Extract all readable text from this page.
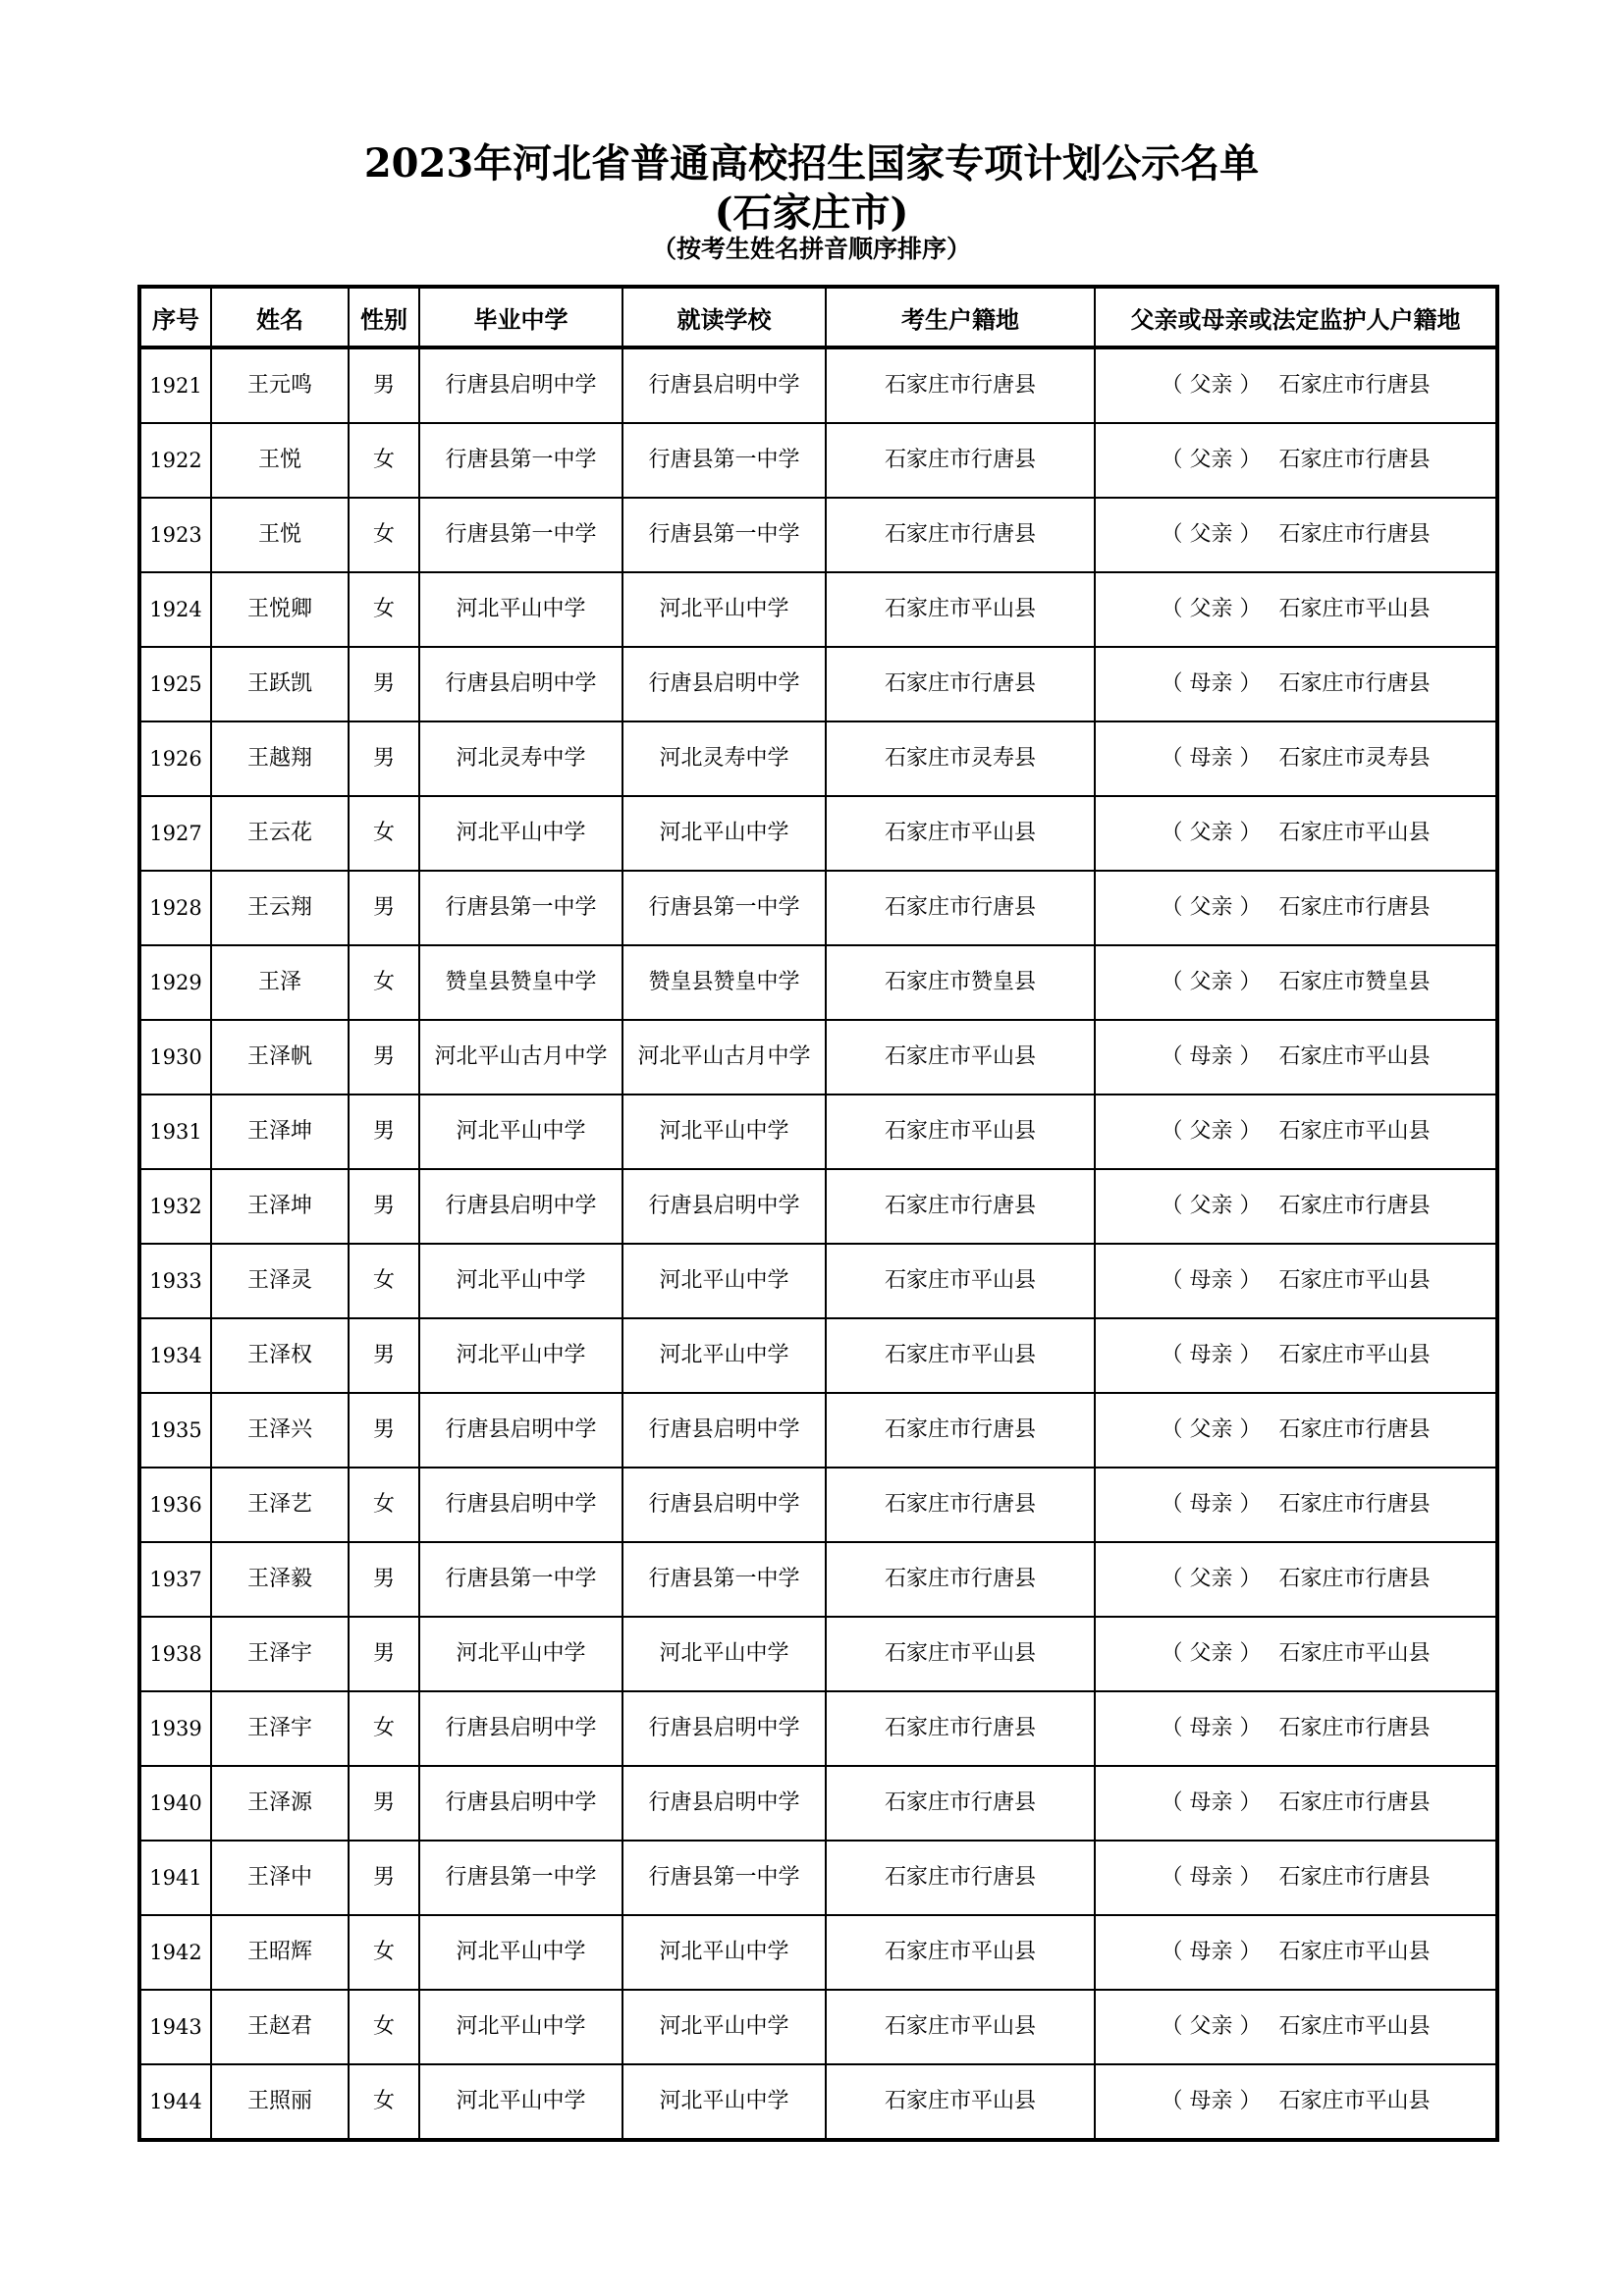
2023年河北省普通高校招生国家专项计划公示名单
(石家庄市)
（按考生姓名拼音顺序排序）
序号	姓名	性别	毕业中学	就读学校	考生户籍地	父亲或母亲或法定监护人户籍地
1921	王元鸣	男	行唐县启明中学	行唐县启明中学	石家庄市行唐县	（ 父亲 ） 石家庄市行唐县
1922	王悦	女	行唐县第一中学	行唐县第一中学	石家庄市行唐县	（ 父亲 ） 石家庄市行唐县
1923	王悦	女	行唐县第一中学	行唐县第一中学	石家庄市行唐县	（ 父亲 ） 石家庄市行唐县
1924	王悦卿	女	河北平山中学	河北平山中学	石家庄市平山县	（ 父亲 ） 石家庄市平山县
1925	王跃凯	男	行唐县启明中学	行唐县启明中学	石家庄市行唐县	（ 母亲 ） 石家庄市行唐县
1926	王越翔	男	河北灵寿中学	河北灵寿中学	石家庄市灵寿县	（ 母亲 ） 石家庄市灵寿县
1927	王云花	女	河北平山中学	河北平山中学	石家庄市平山县	（ 父亲 ） 石家庄市平山县
1928	王云翔	男	行唐县第一中学	行唐县第一中学	石家庄市行唐县	（ 父亲 ） 石家庄市行唐县
1929	王泽	女	赞皇县赞皇中学	赞皇县赞皇中学	石家庄市赞皇县	（ 父亲 ） 石家庄市赞皇县
1930	王泽帆	男	河北平山古月中学	河北平山古月中学	石家庄市平山县	（ 母亲 ） 石家庄市平山县
1931	王泽坤	男	河北平山中学	河北平山中学	石家庄市平山县	（ 父亲 ） 石家庄市平山县
1932	王泽坤	男	行唐县启明中学	行唐县启明中学	石家庄市行唐县	（ 父亲 ） 石家庄市行唐县
1933	王泽灵	女	河北平山中学	河北平山中学	石家庄市平山县	（ 母亲 ） 石家庄市平山县
1934	王泽权	男	河北平山中学	河北平山中学	石家庄市平山县	（ 母亲 ） 石家庄市平山县
1935	王泽兴	男	行唐县启明中学	行唐县启明中学	石家庄市行唐县	（ 父亲 ） 石家庄市行唐县
1936	王泽艺	女	行唐县启明中学	行唐县启明中学	石家庄市行唐县	（ 母亲 ） 石家庄市行唐县
1937	王泽毅	男	行唐县第一中学	行唐县第一中学	石家庄市行唐县	（ 父亲 ） 石家庄市行唐县
1938	王泽宇	男	河北平山中学	河北平山中学	石家庄市平山县	（ 父亲 ） 石家庄市平山县
1939	王泽宇	女	行唐县启明中学	行唐县启明中学	石家庄市行唐县	（ 母亲 ） 石家庄市行唐县
1940	王泽源	男	行唐县启明中学	行唐县启明中学	石家庄市行唐县	（ 母亲 ） 石家庄市行唐县
1941	王泽中	男	行唐县第一中学	行唐县第一中学	石家庄市行唐县	（ 母亲 ） 石家庄市行唐县
1942	王昭辉	女	河北平山中学	河北平山中学	石家庄市平山县	（ 母亲 ） 石家庄市平山县
1943	王赵君	女	河北平山中学	河北平山中学	石家庄市平山县	（ 父亲 ） 石家庄市平山县
1944	王照丽	女	河北平山中学	河北平山中学	石家庄市平山县	（ 母亲 ） 石家庄市平山县
